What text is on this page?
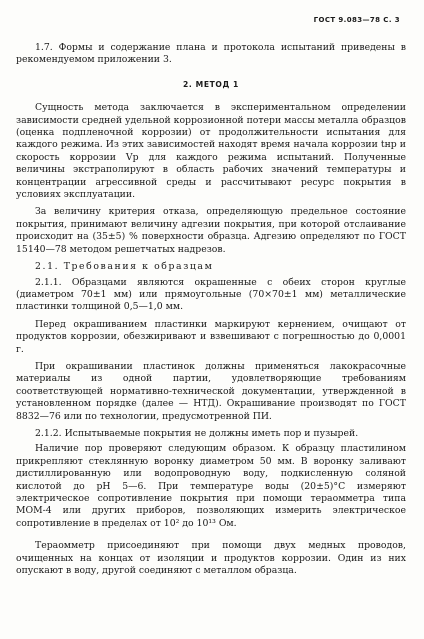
ГОСТ 9.083—78 С. 3

1.7. Формы и содержание плана и протокола испытаний приведены в рекомендуемом приложении 3.

2. МЕТОД 1

Сущность метода заключается в экспериментальном определении зависимости средней удельной коррозионной потери массы металла образцов (оценка подпленочной коррозии) от продолжительности испытания для каждого режима. Из этих зависимостей находят время начала коррозии tнр и скорость коррозии Vр для каждого режима испытаний. Полученные величины экстраполируют в область рабочих значений температуры и концентрации агрессивной среды и рассчитывают ресурс покрытия в условиях эксплуатации.

За величину критерия отказа, определяющую предельное состояние покрытия, принимают величину адгезии покрытия, при которой отслаивание происходит на (35±5) % поверхности образца. Адгезию определяют по ГОСТ 15140—78 методом решетчатых надрезов.

2.1. Требования к образцам

2.1.1. Образцами являются окрашенные с обеих сторон круглые (диаметром 70±1 мм) или прямоугольные (70×70±1 мм) металлические пластинки толщиной 0,5—1,0 мм.

Перед окрашиванием пластинки маркируют кернением, очищают от продуктов коррозии, обезжиривают и взвешивают с погрешностью до 0,0001 г.

При окрашивании пластинок должны применяться лакокрасочные материалы из одной партии, удовлетворяющие требованиям соответствующей нормативно-технической документации, утвержденной в установленном порядке (далее — НТД). Окрашивание производят по ГОСТ 8832—76 или по технологии, предусмотренной ПИ.

2.1.2. Испытываемые покрытия не должны иметь пор и пузырей.

Наличие пор проверяют следующим образом. К образцу пластилином прикрепляют стеклянную воронку диаметром 50 мм. В воронку заливают дистиллированную или водопроводную воду, подкисленную соляной кислотой до рН 5—6. При температуре воды (20±5)°С измеряют электрическое сопротивление покрытия при помощи тераомметра типа МОМ-4 или других приборов, позволяющих измерить электрическое сопротивление в пределах от 10² до 10¹³ Ом.

Тераомметр присоединяют при помощи двух медных проводов, очищенных на концах от изоляции и продуктов коррозии. Один из них опускают в воду, другой соединяют с металлом образца.
